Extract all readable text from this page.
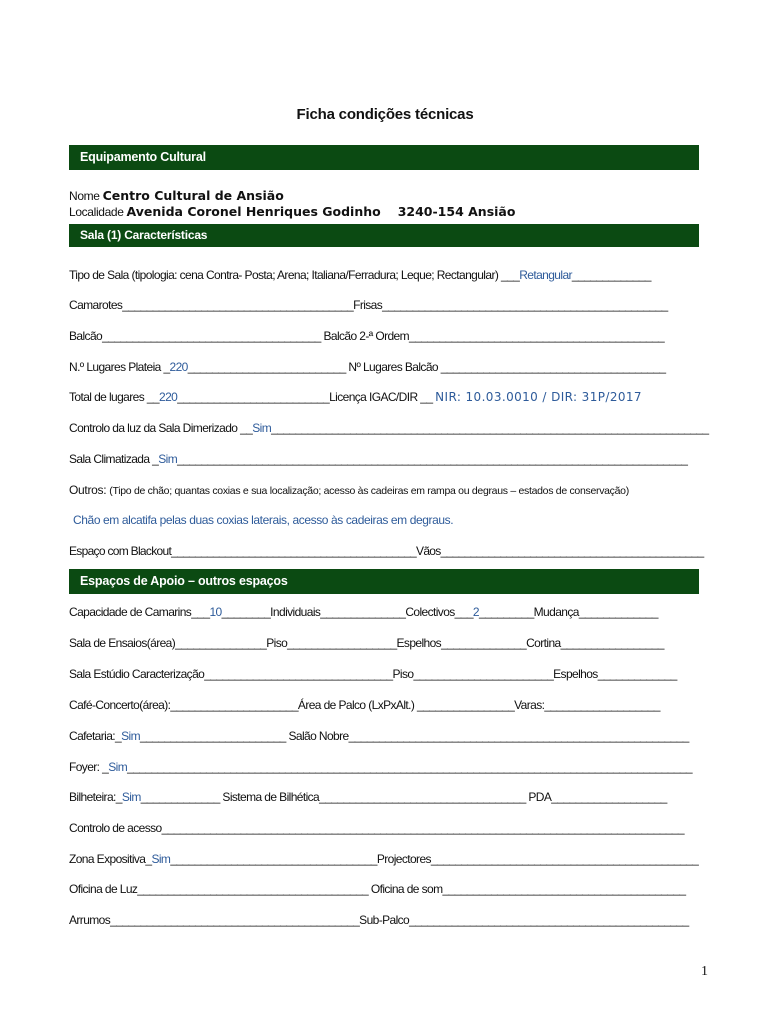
Ficha condições técnicas
Equipamento Cultural
Nome Centro Cultural de Ansião
Localidade Avenida Coronel Henriques Godinho 3240-154 Ansião
Sala (1) Características
Tipo de Sala (tipologia: cena Contra- Posta; Arena; Italiana/Ferradura; Leque; Rectangular) ___Retangular_____________
Camarotes______________________________________Frisas_______________________________________________
Balcão____________________________________ Balcão 2-ª Ordem__________________________________________
N.º Lugares Plateia _220__________________________ Nº Lugares Balcão _____________________________________
Total de lugares __220_________________________Licença IGAC/DIR __ NIR: 10.03.0010 / DIR: 31P/2017
Controlo da luz da Sala Dimerizado __Sim________________________________________________________________________
Sala Climatizada _Sim____________________________________________________________________________________
Outros: (Tipo de chão; quantas coxias e sua localização; acesso às cadeiras em rampa ou degraus – estados de conservação)
Chão em alcatifa pelas duas coxias laterais, acesso às cadeiras em degraus.
Espaço com Blackout_________________________________________Vãos____________________________________________
Espaços de Apoio – outros espaços
Capacidade de Camarins___10________Individuais______________Colectivos___2_________Mudança_____________
Sala de Ensaios(área)_______________Piso__________________Espelhos______________Cortina_________________
Sala Estúdio Caracterização_______________________________Piso_______________________Espelhos_____________
Café-Concerto(área):_____________________Área de Palco (LxPxAlt.) ________________Varas:___________________
Cafetaria:_Sim________________________ Salão Nobre________________________________________________________
Foyer: _Sim_____________________________________________________________________________________________
Bilheteira:_Sim_____________ Sistema de Bilhética__________________________________ PDA___________________
Controlo de acesso______________________________________________________________________________________
Zona Expositiva_Sim__________________________________Projectores____________________________________________
Oficina de Luz______________________________________ Oficina de som________________________________________
Arrumos_________________________________________Sub-Palco______________________________________________
1
